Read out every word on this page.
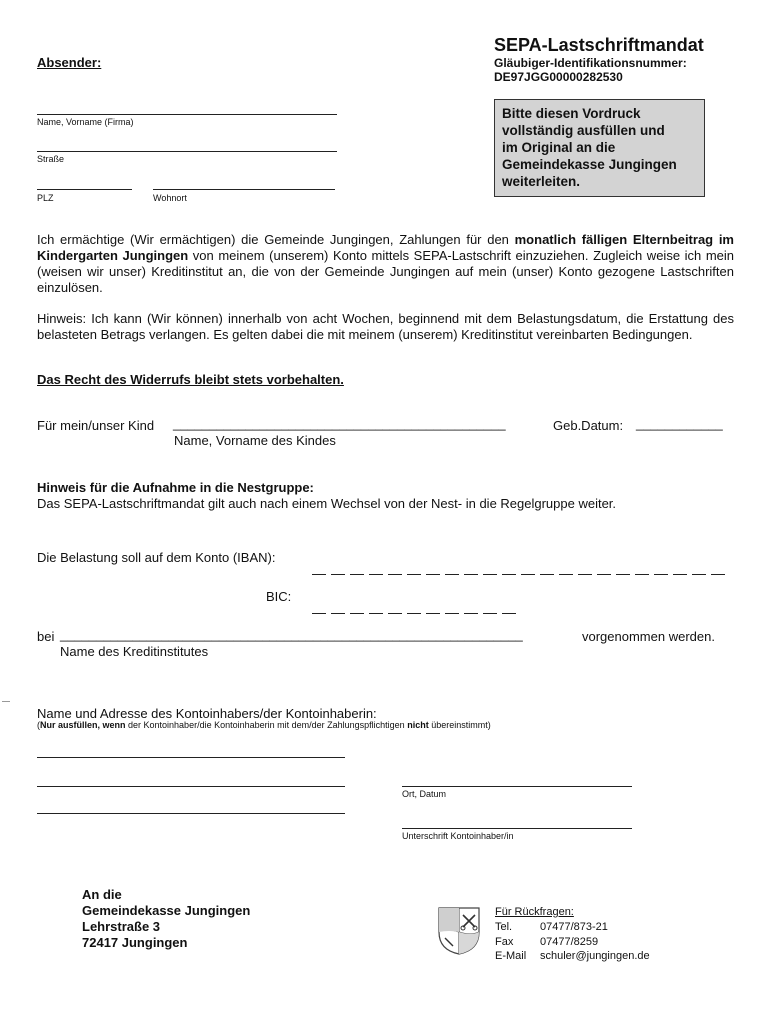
Absender:
SEPA-Lastschriftmandat
Gläubiger-Identifikationsnummer:
DE97JGG00000282530
Name, Vorname (Firma)
Straße
PLZ	Wohnort
Bitte diesen Vordruck
vollständig ausfüllen und
im Original an die
Gemeindekasse Jungingen
weiterleiten.
Ich ermächtige (Wir ermächtigen) die Gemeinde Jungingen, Zahlungen für den monatlich fälligen Elternbeitrag im Kindergarten Jungingen von meinem (unserem) Konto mittels SEPA-Lastschrift einzuziehen. Zugleich weise ich mein (weisen wir unser) Kreditinstitut an, die von der Gemeinde Jungingen auf mein (unser) Konto gezogene Lastschriften einzulösen.
Hinweis: Ich kann (Wir können) innerhalb von acht Wochen, beginnend mit dem Belastungsdatum, die Erstattung des belasteten Betrags verlangen. Es gelten dabei die mit meinem (unserem) Kreditinstitut vereinbarten Bedingungen.
Das Recht des Widerrufs bleibt stets vorbehalten.
Für mein/unser Kind ______________________________________________	Geb.Datum: ____________
Name, Vorname des Kindes
Hinweis für die Aufnahme in die Nestgruppe:
Das SEPA-Lastschriftmandat gilt auch nach einem Wechsel von der Nest- in die Regelgruppe weiter.
Die Belastung soll auf dem Konto (IBAN):
BIC:
bei ________________________________________________________________	vorgenommen werden.
Name des Kreditinstitutes
Name und Adresse des Kontoinhabers/der Kontoinhaberin:
(Nur ausfüllen, wenn der Kontoinhaber/die Kontoinhaberin mit dem/der Zahlungspflichtigen nicht übereinstimmt)
Ort, Datum
Unterschrift Kontoinhaber/in
An die
Gemeindekasse Jungingen
Lehrstraße 3
72417 Jungingen
Für Rückfragen:
Tel.	07477/873-21
Fax 07477/8259
E-Mail schuler@jungingen.de
